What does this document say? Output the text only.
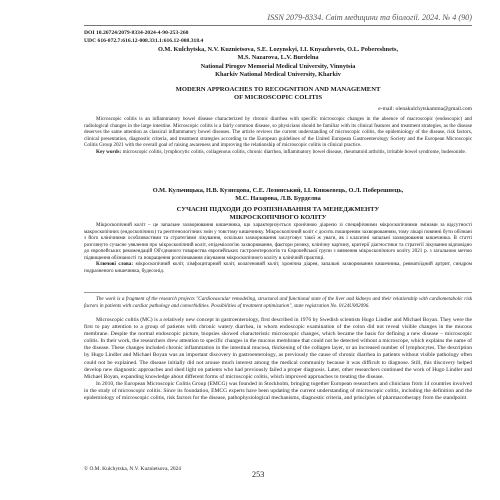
ISSN 2079-8334. Світ медицини та біології. 2024. № 4 (90)
DOI 10.26724/2079-8334-2024-4-90-253-260
UDC 616-072.7:616.12-008.331.1:616.12-008.318.4
O.M. Kulchytska, N.V. Kuznietsova, S.E. Lozynskyi, I.I. Knyazhevets, O.L. Pobereshnets,
M.S. Nazarova, L.V. Burdelna
National Pirogov Memorial Medical University, Vinnytsia
Kharkiv National Medical University, Kharkiv
MODERN APPROACHES TO RECOGNITION AND MANAGEMENT
OF MICROSCOPIC COLITIS
e-mail: olenakulchytskamma@gmail.com

Microscopic colitis is an inflammatory bowel disease characterized by chronic diarrhea with specific microscopic changes in the absence of macroscopic (endoscopic) and radiological changes in the large intestine. Microscopic colitis is a fairly common disease, so physicians should be familiar with its clinical features and treatment strategies, as the disease deserves the same attention as classical inflammatory bowel diseases. The article reviews the current understanding of microscopic colitis, the epidemiology of the disease, risk factors, clinical presentation, diagnostic criteria, and treatment strategies according to the European guidelines of the United European Gastroenterology Society and the European Microscopic Colitis Group 2021 with the overall goal of raising awareness and improving the relationship of microscopic colitis in clinical practice.

Key words: microscopic colitis, lymphocytic colitis, collagenous colitis, chronic diarrhea, inflammatory bowel disease, rheumatoid arthritis, irritable bowel syndrome, budesonide.

О.М. Кульчицька, Н.В. Кузнєцова, С.Е. Лозинський, І.І. Княжевець, О.Л. Поберешнець,
М.С. Назарова, Л.В. Бурделна
СУЧАСНІ ПІДХОДИ ДО РОЗПІЗНАВАННЯ ТА МЕНЕДЖМЕНТУ
МІКРОСКОПІЧНОГО КОЛІТУ

Мікроскопічний коліт – це запальне захворювання кишечника, що характеризується хронічною діареєю зі специфічними мікроскопічними змінами за відсутності макроскопічних (ендоскопічних) та рентгенологічних змін у товстому кишечнику. Мікроскопічний коліт є досить поширеним захворюванням, тому лікарі повинні бути обізнані з його клінічними особливостями та стратегіями лікування, оскільки захворювання заслуговує такої ж уваги, як і класичні запальні захворювання кишечника. В статті розглянуто сучасне уявлення про мікроскопічний коліт, епідеміологію захворювання, фактори ризику, клінічну картину, критерії діагностики та стратегії лікування відповідно до європейських рекомендацій Об'єднаного товариства європейських гастроентерологів та Європейської групи з вивчення мікроскопічного коліту 2021 р. з загальною метою підвищення обізнаності та покращення розпізнавання лікування мікроскопічного коліту в клінічній практиці.

Ключові слова: мікроскопічний коліт, лімфоцитарний коліт, колагеновий коліт, хронічна діарея, запальні захворювання кишечника, ревматоїдний артрит, синдром подразненого кишечника, будесонід.

The work is a fragment of the research projects "Cardiovascular remodeling, structural and functional state of the liver and kidneys and their relationship with cardiometabolic risk factors in patients with cardiac pathology and comorbidities. Possibilities of treatment optimization", state registration No. 0124U002096.

Microscopic colitis (MC) is a relatively new concept in gastroenterology, first described in 1976 by Swedish scientists Hugo Lindler and Michael Boyan. They were the first to pay attention to a group of patients with chronic watery diarrhea, in whom endoscopic examination of the colon did not reveal visible changes in the mucous membrane. Despite the normal endoscopic picture, biopsies showed characteristic microscopic changes, which became the basis for defining a new disease – microscopic colitis. In their work, the researchers drew attention to specific changes in the mucous membrane that could not be detected without a microscope, which explains the name of the disease. These changes included chronic inflammation in the intestinal mucosa, thickening of the collagen layer, or an increased number of lymphocytes. The description by Hugo Lindler and Michael Boyan was an important discovery in gastroenterology, as previously the cause of chronic diarrhea in patients without visible pathology often could not be explained. The disease initially did not arouse much interest among the medical community because it was difficult to diagnose. Still, this discovery helped develop new diagnostic approaches and shed light on patients who had previously failed a proper diagnosis. Later, other researchers continued the work of Hugo Lindler and Michael Boyan, expanding knowledge about different forms of microscopic colitis, which improved approaches to treating the disease.

In 2010, the European Microscopic Colitis Group (EMCG) was founded in Stockholm, bringing together European researchers and clinicians from 14 countries involved in the study of microscopic colitis. Since its foundation, EMCG experts have been updating the current understanding of microscopic colitis, including the definition and the epidemiology of microscopic colitis, risk factors for the disease, pathophysiological mechanisms, diagnostic criteria, and principles of pharmacotherapy from the standpoint

© O.M. Kulchytska, N.V. Kuznietsova, 2024
253
